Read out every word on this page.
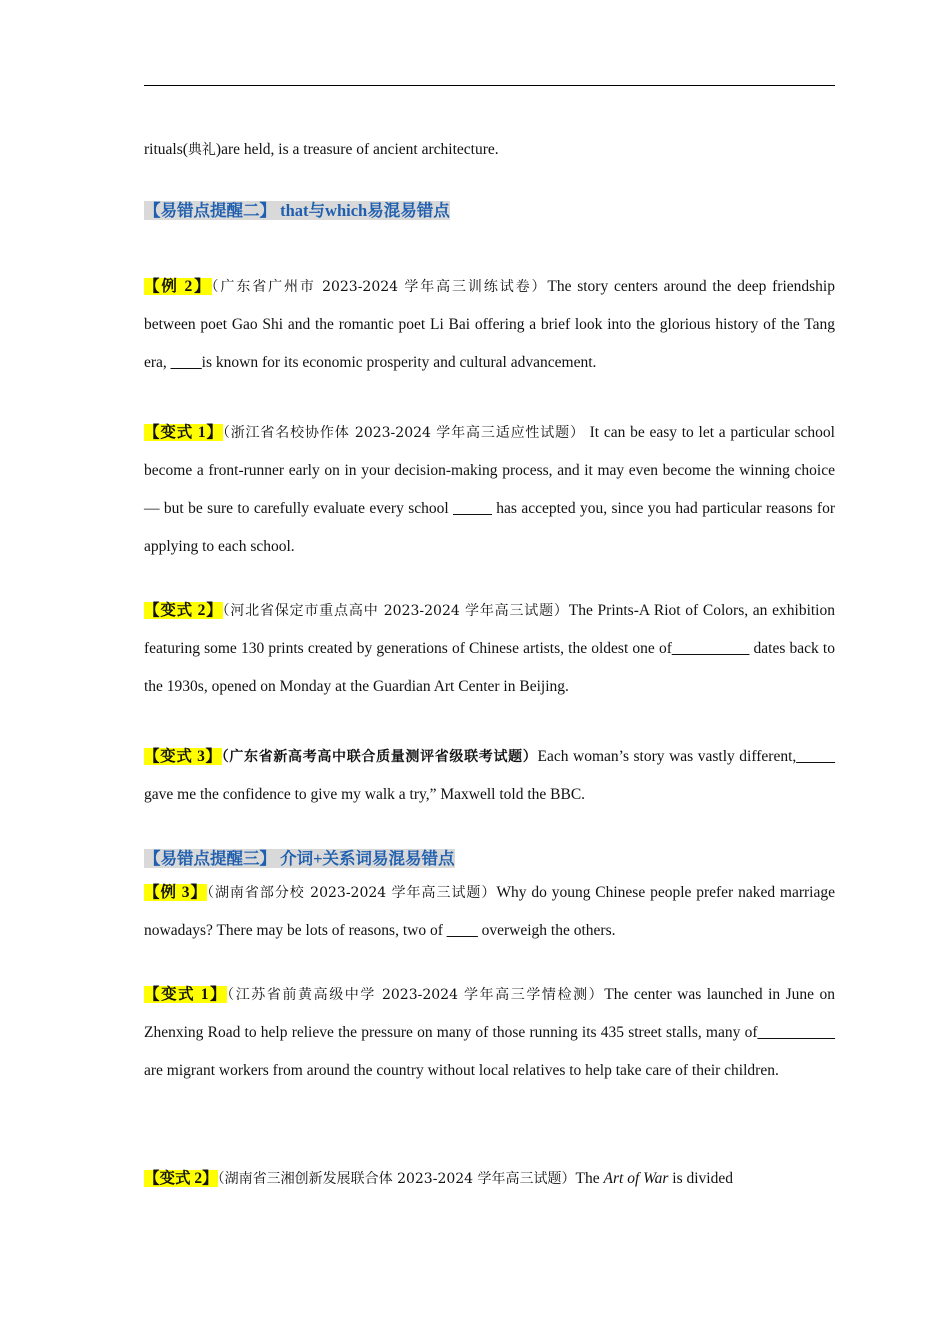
rituals(典礼)are held, is a treasure of ancient architecture.
【易错点提醒二】 that与which易混易错点
【例 2】（广东省广州市 2023-2024 学年高三训练试卷）The story centers around the deep friendship between poet Gao Shi and the romantic poet Li Bai offering a brief look into the glorious history of the Tang era, ____is known for its economic prosperity and cultural advancement.
【变式 1】（浙江省名校协作体 2023-2024 学年高三适应性试题） It can be easy to let a particular school become a front-runner early on in your decision-making process, and it may even become the winning choice — but be sure to carefully evaluate every school _____ has accepted you, since you had particular reasons for applying to each school.
【变式 2】（河北省保定市重点高中 2023-2024 学年高三试题）The Prints-A Riot of Colors, an exhibition featuring some 130 prints created by generations of Chinese artists, the oldest one of__________ dates back to the 1930s, opened on Monday at the Guardian Art Center in Beijing.
【变式 3】（广东省新高考高中联合质量测评省级联考试题）Each woman’s story was vastly different,_____ gave me the confidence to give my walk a try,” Maxwell told the BBC.
【易错点提醒三】 介词+关系词易混易错点
【例 3】（湖南省部分校 2023-2024 学年高三试题）Why do young Chinese people prefer naked marriage nowadays? There may be lots of reasons, two of ____ overweigh the others.
【变式 1】（江苏省前黄高级中学 2023-2024 学年高三学情检测）The center was launched in June on Zhenxing Road to help relieve the pressure on many of those running its 435 street stalls, many of__________ are migrant workers from around the country without local relatives to help take care of their children.
【变式 2】（湖南省三湘创新发展联合体 2023-2024 学年高三试题）The Art of War is divided
